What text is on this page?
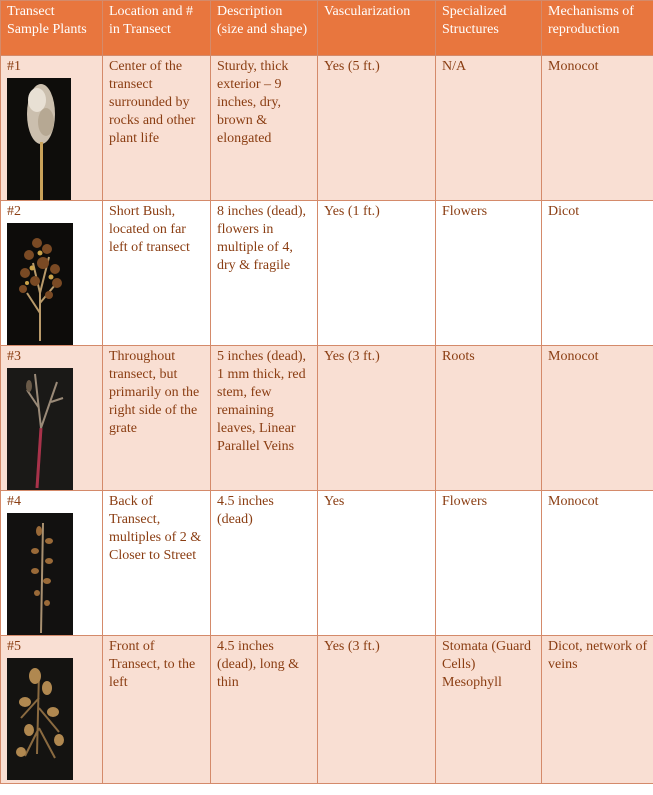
Transect Sample Plants	Location and # in Transect	Description (size and shape)	Vascularization	Specialized Structures	Mechanisms of reproduction

#1	Center of the transect surrounded by rocks and other plant life	Sturdy, thick exterior – 9 inches, dry, brown & elongated	Yes (5 ft.)	N/A	Monocot

#2	Short Bush, located on far left of transect	8 inches (dead), flowers in multiple of 4, dry & fragile	Yes (1 ft.)	Flowers	Dicot

#3	Throughout transect, but primarily on the right side of the grate	5 inches (dead), 1 mm thick, red stem, few remaining leaves, Linear Parallel Veins	Yes (3 ft.)	Roots	Monocot

#4	Back of Transect, multiples of 2 & Closer to Street	4.5 inches (dead)	Yes	Flowers	Monocot

#5	Front of Transect, to the left	4.5 inches (dead), long & thin	Yes (3 ft.)	Stomata (Guard Cells) Mesophyll	Dicot, network of veins
